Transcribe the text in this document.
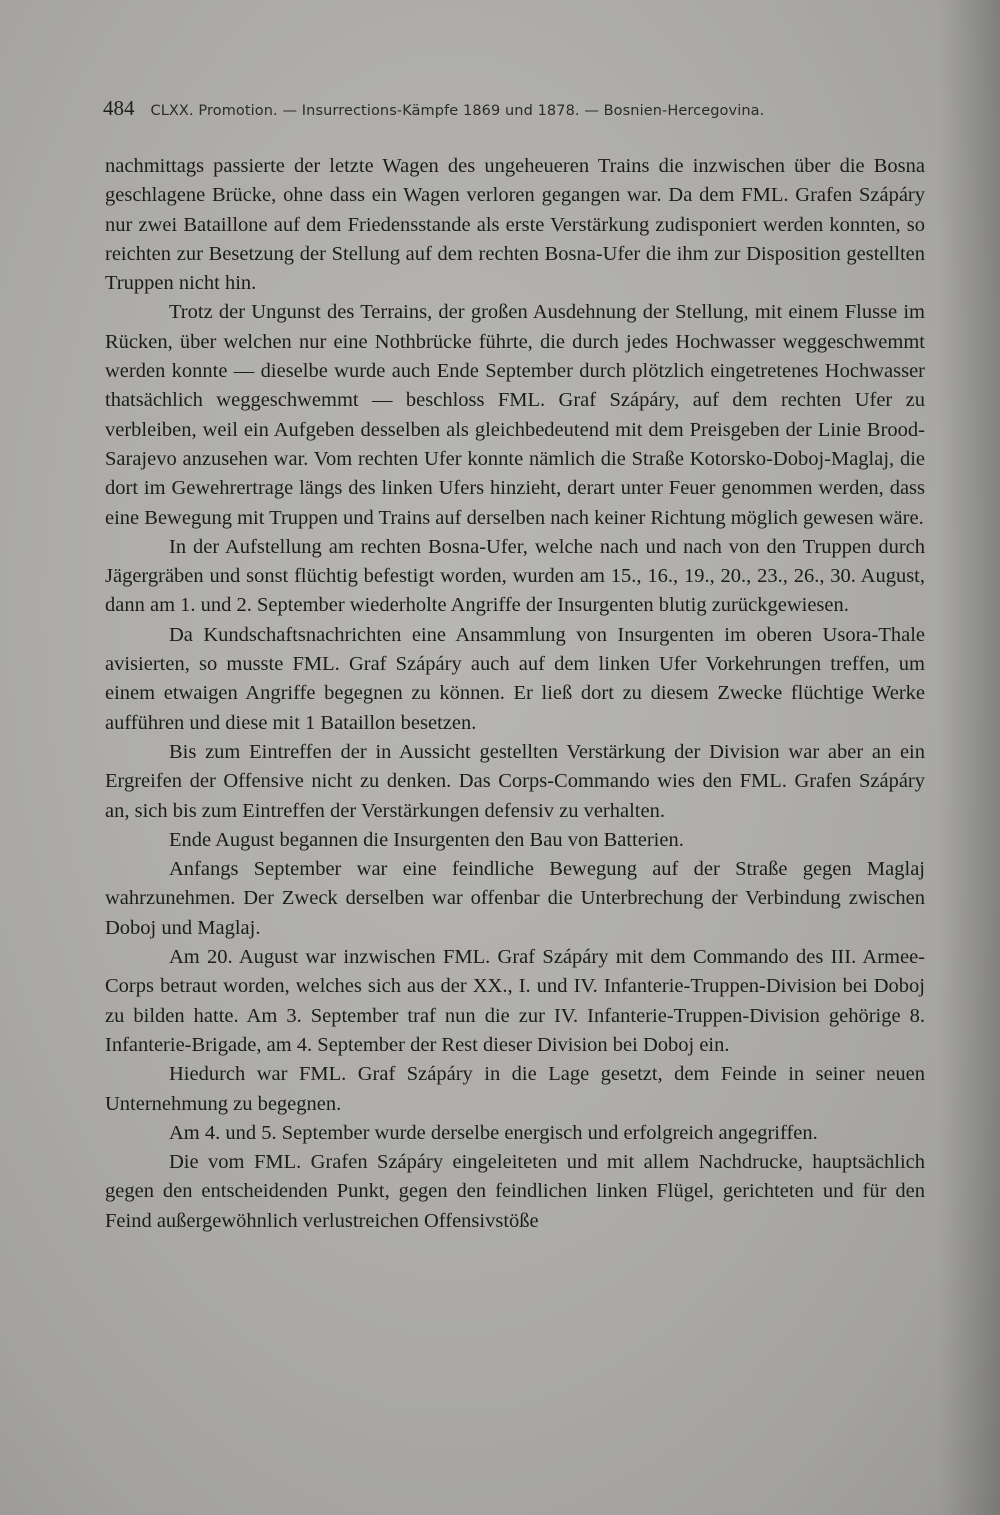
484 CLXX. Promotion. — Insurrections-Kämpfe 1869 und 1878. — Bosnien-Hercegovina.

nachmittags passierte der letzte Wagen des ungeheueren Trains die inzwischen über die Bosna geschlagene Brücke, ohne dass ein Wagen verloren gegangen war. Da dem FML. Grafen Szápáry nur zwei Bataillone auf dem Friedensstande als erste Verstärkung zudisponiert werden konnten, so reichten zur Besetzung der Stellung auf dem rechten Bosna-Ufer die ihm zur Disposition gestellten Truppen nicht hin.

Trotz der Ungunst des Terrains, der großen Ausdehnung der Stellung, mit einem Flusse im Rücken, über welchen nur eine Nothbrücke führte, die durch jedes Hochwasser weggeschwemmt werden konnte — dieselbe wurde auch Ende September durch plötzlich eingetretenes Hochwasser thatsächlich weggeschwemmt — beschloss FML. Graf Szápáry, auf dem rechten Ufer zu verbleiben, weil ein Aufgeben desselben als gleichbedeutend mit dem Preisgeben der Linie Brood-Sarajevo anzusehen war. Vom rechten Ufer konnte nämlich die Straße Kotorsko-Doboj-Maglaj, die dort im Gewehrertrage längs des linken Ufers hinzieht, derart unter Feuer genommen werden, dass eine Bewegung mit Truppen und Trains auf derselben nach keiner Richtung möglich gewesen wäre.

In der Aufstellung am rechten Bosna-Ufer, welche nach und nach von den Truppen durch Jägergräben und sonst flüchtig befestigt worden, wurden am 15., 16., 19., 20., 23., 26., 30. August, dann am 1. und 2. September wiederholte Angriffe der Insurgenten blutig zurückgewiesen.

Da Kundschaftsnachrichten eine Ansammlung von Insurgenten im oberen Usora-Thale avisierten, so musste FML. Graf Szápáry auch auf dem linken Ufer Vorkehrungen treffen, um einem etwaigen Angriffe begegnen zu können. Er ließ dort zu diesem Zwecke flüchtige Werke aufführen und diese mit 1 Bataillon besetzen.

Bis zum Eintreffen der in Aussicht gestellten Verstärkung der Division war aber an ein Ergreifen der Offensive nicht zu denken. Das Corps-Commando wies den FML. Grafen Szápáry an, sich bis zum Eintreffen der Verstärkungen defensiv zu verhalten.

Ende August begannen die Insurgenten den Bau von Batterien.

Anfangs September war eine feindliche Bewegung auf der Straße gegen Maglaj wahrzunehmen. Der Zweck derselben war offenbar die Unterbrechung der Verbindung zwischen Doboj und Maglaj.

Am 20. August war inzwischen FML. Graf Szápáry mit dem Commando des III. Armee-Corps betraut worden, welches sich aus der XX., I. und IV. Infanterie-Truppen-Division bei Doboj zu bilden hatte. Am 3. September traf nun die zur IV. Infanterie-Truppen-Division gehörige 8. Infanterie-Brigade, am 4. September der Rest dieser Division bei Doboj ein.

Hiedurch war FML. Graf Szápáry in die Lage gesetzt, dem Feinde in seiner neuen Unternehmung zu begegnen.

Am 4. und 5. September wurde derselbe energisch und erfolgreich angegriffen.

Die vom FML. Grafen Szápáry eingeleiteten und mit allem Nachdrucke, hauptsächlich gegen den entscheidenden Punkt, gegen den feindlichen linken Flügel, gerichteten und für den Feind außergewöhnlich verlustreichen Offensivstöße
